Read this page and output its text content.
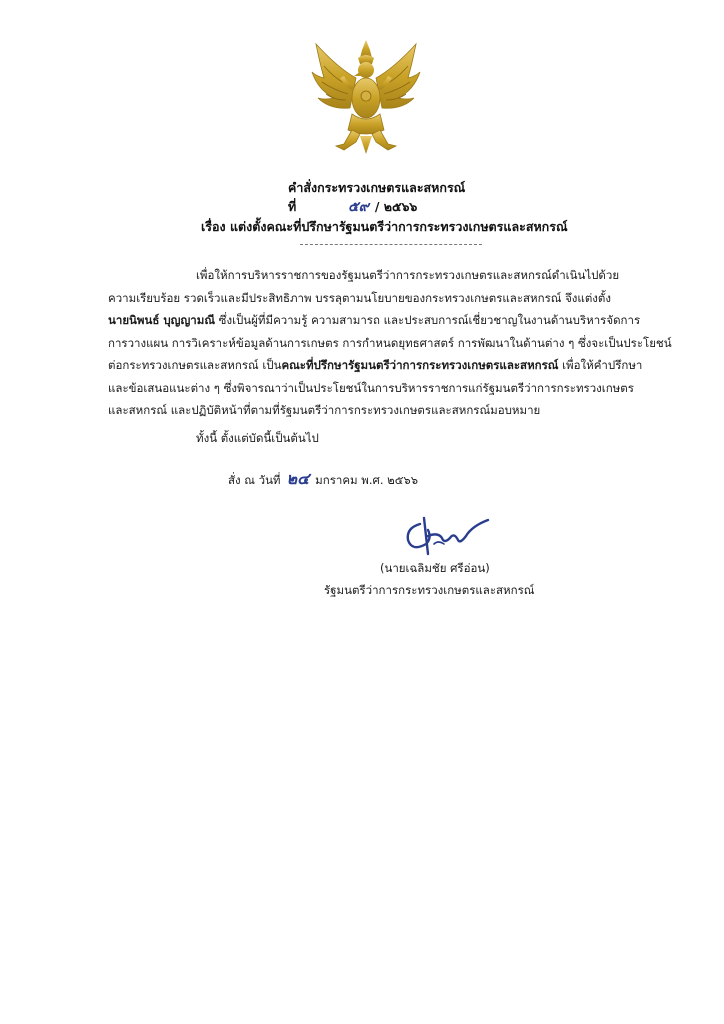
คำสั่งกระทรวงเกษตรและสหกรณ์
ที่	๕๙ / ๒๕๖๖
เรื่อง แต่งตั้งคณะที่ปรึกษารัฐมนตรีว่าการกระทรวงเกษตรและสหกรณ์
เพื่อให้การบริหารราชการของรัฐมนตรีว่าการกระทรวงเกษตรและสหกรณ์ดำเนินไปด้วย
ความเรียบร้อย รวดเร็วและมีประสิทธิภาพ บรรลุตามนโยบายของกระทรวงเกษตรและสหกรณ์ จึงแต่งตั้ง
นายนิพนธ์ บุญญามณี ซึ่งเป็นผู้ที่มีความรู้ ความสามารถ และประสบการณ์เชี่ยวชาญในงานด้านบริหารจัดการ
การวางแผน การวิเคราะห์ข้อมูลด้านการเกษตร การกำหนดยุทธศาสตร์ การพัฒนาในด้านต่าง ๆ ซึ่งจะเป็นประโยชน์
ต่อกระทรวงเกษตรและสหกรณ์ เป็นคณะที่ปรึกษารัฐมนตรีว่าการกระทรวงเกษตรและสหกรณ์ เพื่อให้คำปรึกษา
และข้อเสนอแนะต่าง ๆ ซึ่งพิจารณาว่าเป็นประโยชน์ในการบริหารราชการแก่รัฐมนตรีว่าการกระทรวงเกษตร
และสหกรณ์ และปฏิบัติหน้าที่ตามที่รัฐมนตรีว่าการกระทรวงเกษตรและสหกรณ์มอบหมาย
ทั้งนี้ ตั้งแต่บัดนี้เป็นต้นไป
สั่ง ณ วันที่ ๒๔ มกราคม พ.ศ. ๒๕๖๖
(นายเฉลิมชัย ศรีอ่อน)
รัฐมนตรีว่าการกระทรวงเกษตรและสหกรณ์
